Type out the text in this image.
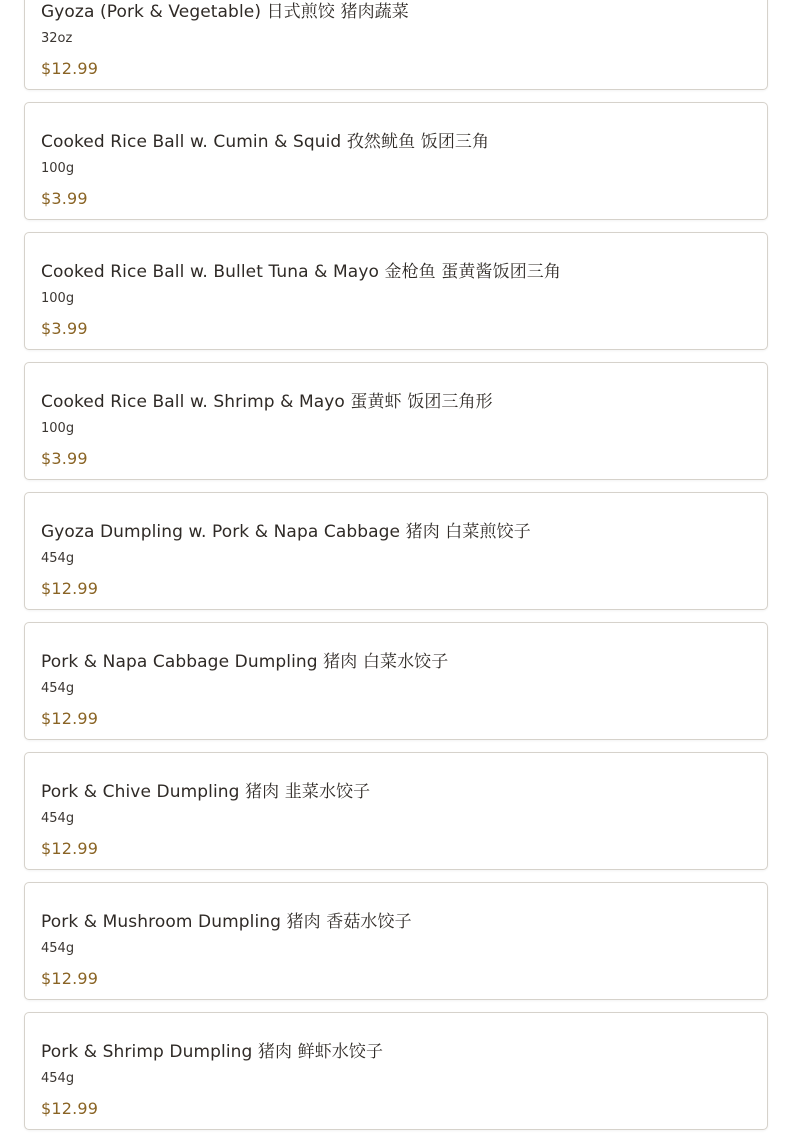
Gyoza (Pork & Vegetable) 日式煎饺 猪肉蔬菜
32oz
$12.99
Cooked Rice Ball w. Cumin & Squid 孜然鱿鱼 饭团三角
100g
$3.99
Cooked Rice Ball w. Bullet Tuna & Mayo 金枪鱼 蛋黄酱饭团三角
100g
$3.99
Cooked Rice Ball w. Shrimp & Mayo 蛋黄虾 饭团三角形
100g
$3.99
Gyoza Dumpling w. Pork & Napa Cabbage 猪肉 白菜煎饺子
454g
$12.99
Pork & Napa Cabbage Dumpling 猪肉 白菜水饺子
454g
$12.99
Pork & Chive Dumpling 猪肉 韭菜水饺子
454g
$12.99
Pork & Mushroom Dumpling 猪肉 香菇水饺子
454g
$12.99
Pork & Shrimp Dumpling 猪肉 鲜虾水饺子
454g
$12.99
